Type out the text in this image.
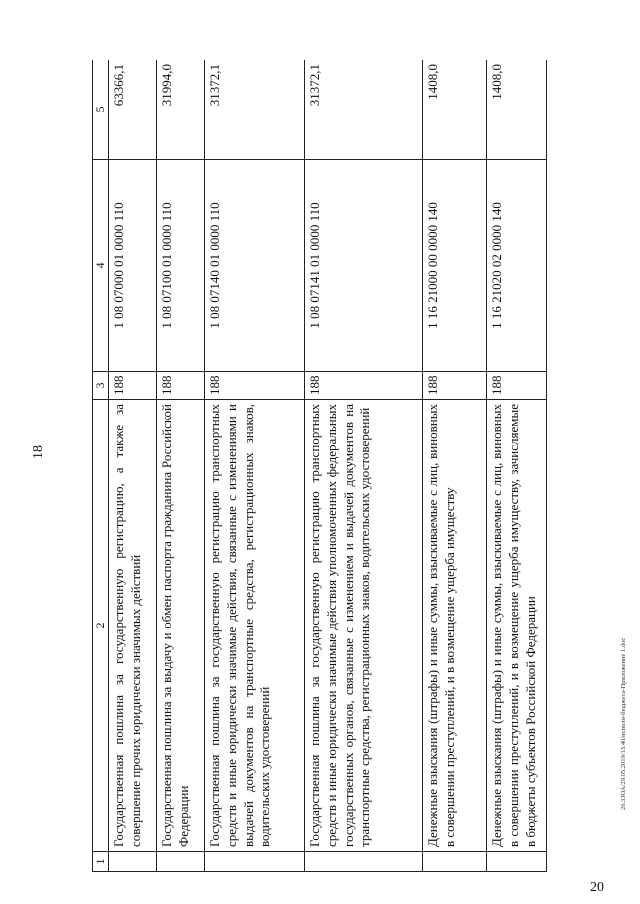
18
20.3ЗОА/29.05.2019/13:40/исполн-бюджета-Приложение 1.doc
1	2	3	4	5
	Государственная пошлина за государственную регистрацию, а также за совершение прочих юридически значимых действий	188	1 08 07000 01 0000 110	63366,1
	Государственная пошлина за выдачу и обмен паспорта гражданина Российской Федерации	188	1 08 07100 01 0000 110	31994,0
	Государственная пошлина за государственную регистрацию транспортных средств и иные юридически значимые действия, связанные с изменениями и выдачей документов на транспортные средства, регистрационных знаков, водительских удостоверений	188	1 08 07140 01 0000 110	31372,1
	Государственная пошлина за государственную регистрацию транспортных средств и иные юридически значимые действия уполномоченных федеральных государственных органов, связанные с изменением и выдачей документов на транспортные средства, регистрационных знаков, водительских удостоверений	188	1 08 07141 01 0000 110	31372,1
	Денежные взыскания (штрафы) и иные суммы, взыскиваемые с лиц, виновных в совершении преступлений, и в возмещение ущерба имуществу	188	1 16 21000 00 0000 140	1408,0
	Денежные взыскания (штрафы) и иные суммы, взыскиваемые с лиц, виновных в совершении преступлений, и в возмещение ущерба имуществу, зачисляемые в бюджеты субъектов Российской Федерации	188	1 16 21020 02 0000 140	1408,0
20
